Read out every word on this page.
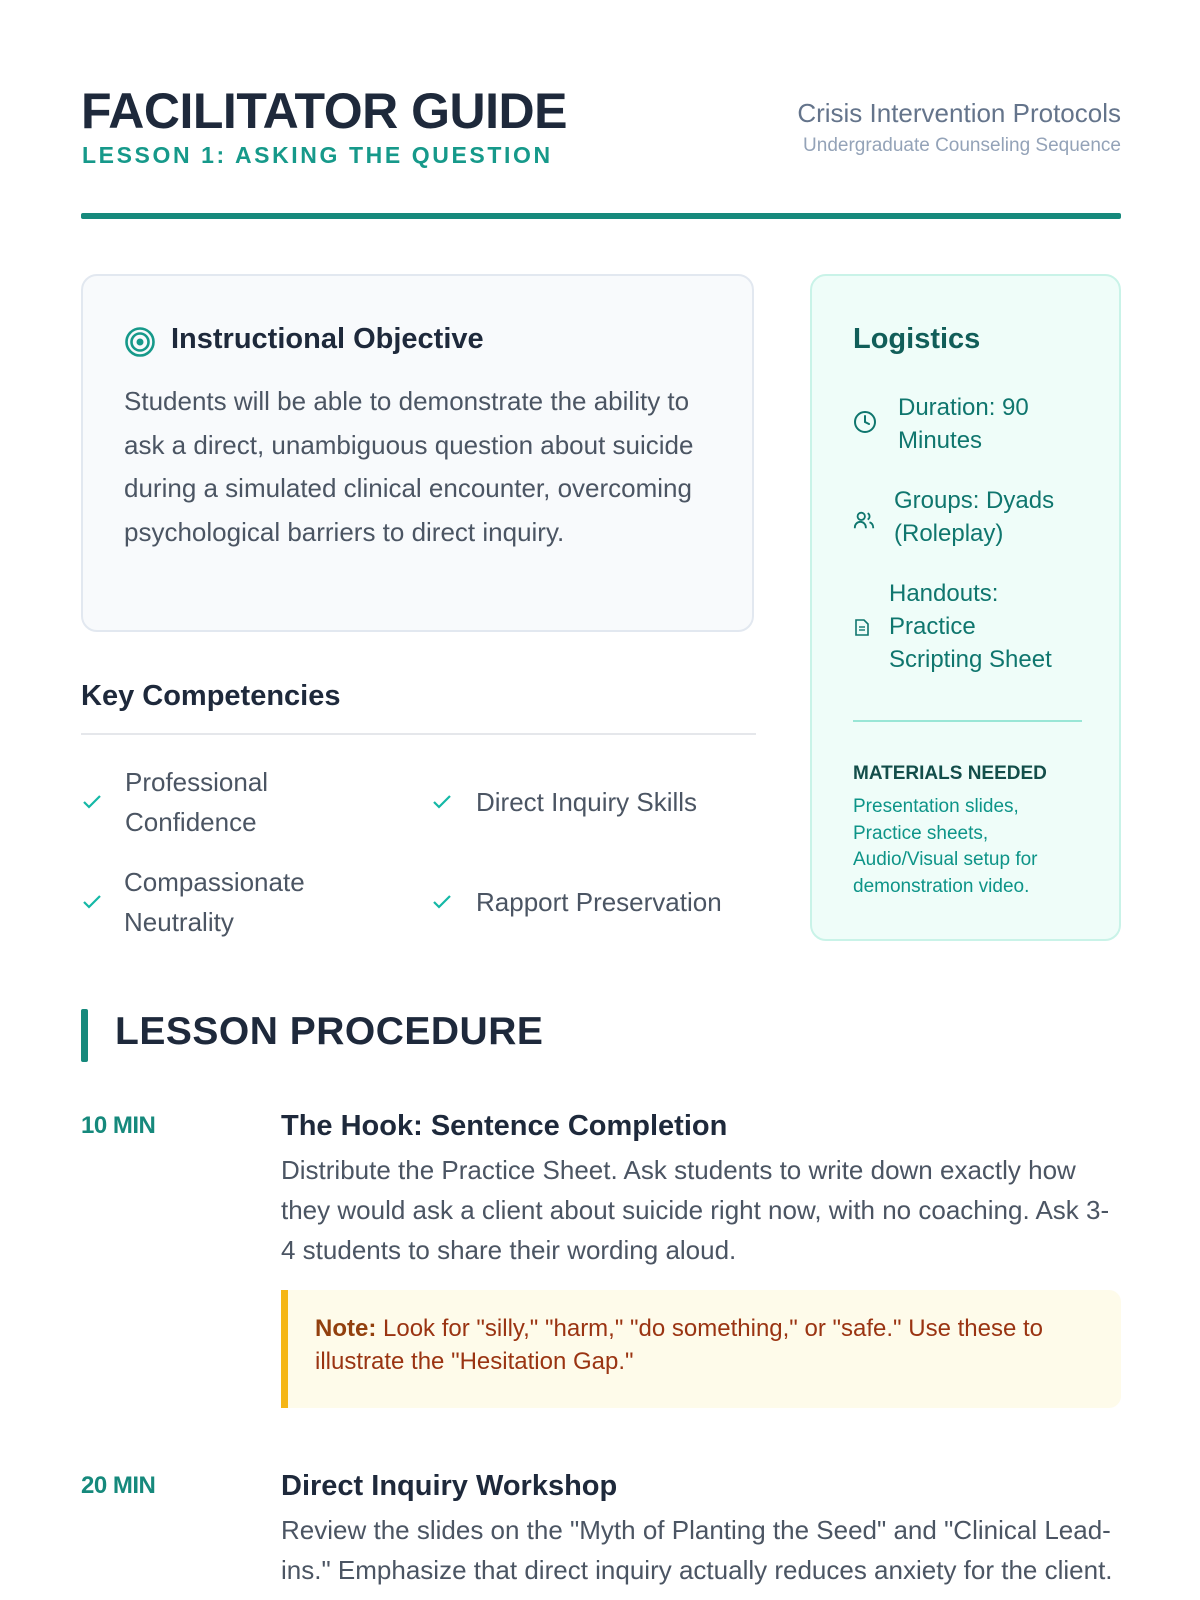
FACILITATOR GUIDE
LESSON 1: ASKING THE QUESTION
Crisis Intervention Protocols
Undergraduate Counseling Sequence
Instructional Objective
Students will be able to demonstrate the ability to ask a direct, unambiguous question about suicide during a simulated clinical encounter, overcoming psychological barriers to direct inquiry.
Key Competencies
Professional Confidence
Direct Inquiry Skills
Compassionate Neutrality
Rapport Preservation
Logistics
Duration: 90 Minutes
Groups: Dyads (Roleplay)
Handouts: Practice Scripting Sheet
MATERIALS NEEDED
Presentation slides, Practice sheets, Audio/Visual setup for demonstration video.
LESSON PROCEDURE
10 MIN	The Hook: Sentence Completion
Distribute the Practice Sheet. Ask students to write down exactly how they would ask a client about suicide right now, with no coaching. Ask 3-4 students to share their wording aloud.
Note: Look for "silly," "harm," "do something," or "safe." Use these to illustrate the "Hesitation Gap."
20 MIN	Direct Inquiry Workshop
Review the slides on the "Myth of Planting the Seed" and "Clinical Lead-ins." Emphasize that direct inquiry actually reduces anxiety for the client.
